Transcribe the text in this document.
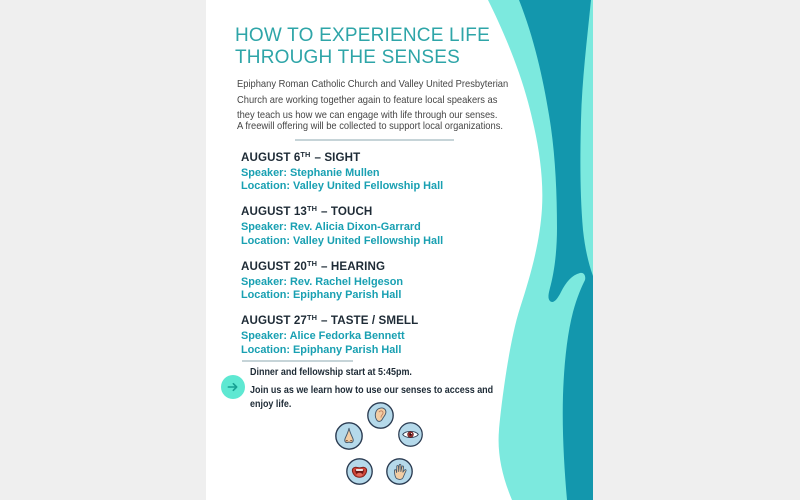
HOW TO EXPERIENCE LIFE
THROUGH THE SENSES
Epiphany Roman Catholic Church and Valley United Presbyterian
Church are working together again to feature local speakers as
they teach us how we can engage with life through our senses.
A freewill offering will be collected to support local organizations.
AUGUST 6TH – SIGHT
Speaker: Stephanie Mullen
Location: Valley United Fellowship Hall
AUGUST 13TH – TOUCH
Speaker: Rev. Alicia Dixon-Garrard
Location: Valley United Fellowship Hall
AUGUST 20TH – HEARING
Speaker: Rev. Rachel Helgeson
Location: Epiphany Parish Hall
AUGUST 27TH – TASTE / SMELL
Speaker: Alice Fedorka Bennett
Location: Epiphany Parish Hall
Dinner and fellowship start at 5:45pm.
Join us as we learn how to use our senses to access and
enjoy life.
